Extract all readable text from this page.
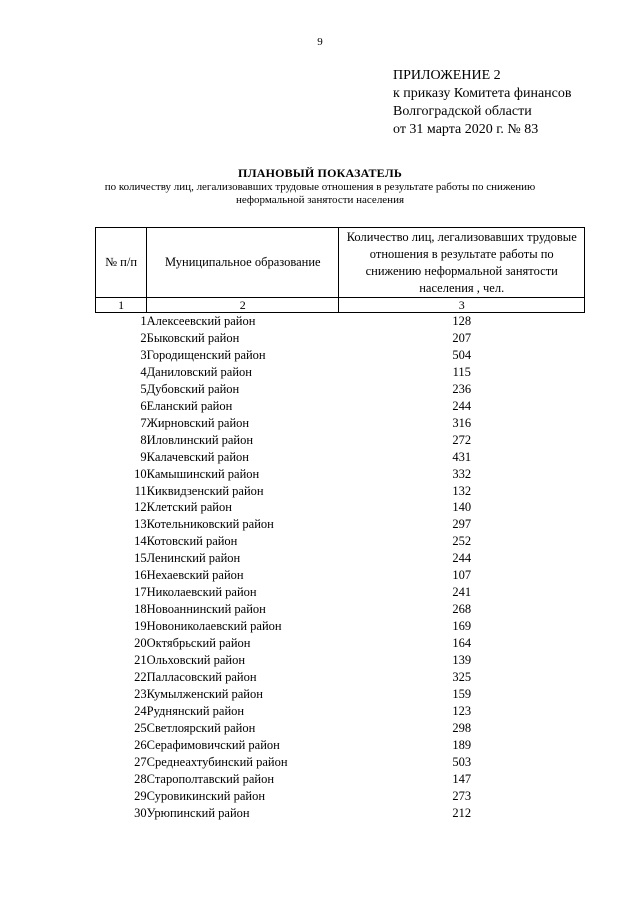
9
ПРИЛОЖЕНИЕ 2
к приказу Комитета финансов
Волгоградской области
от 31 марта 2020 г. № 83
ПЛАНОВЫЙ ПОКАЗАТЕЛЬ
по количеству лиц, легализовавших трудовые отношения в результате работы по снижению неформальной занятости населения
№ п/п	Муниципальное образование	Количество лиц, легализовавших трудовые отношения в результате работы по снижению неформальной занятости населения , чел.
1	2	3
1	Алексеевский район	128
2	Быковский район	207
3	Городищенский район	504
4	Даниловский район	115
5	Дубовский район	236
6	Еланский район	244
7	Жирновский район	316
8	Иловлинский район	272
9	Калачевский район	431
10	Камышинский район	332
11	Киквидзенский район	132
12	Клетский район	140
13	Котельниковский район	297
14	Котовский район	252
15	Ленинский район	244
16	Нехаевский район	107
17	Николаевский район	241
18	Новоаннинский район	268
19	Новониколаевский район	169
20	Октябрьский район	164
21	Ольховский район	139
22	Палласовский район	325
23	Кумылженский район	159
24	Руднянский район	123
25	Светлоярский район	298
26	Серафимовичский район	189
27	Среднеахтубинский район	503
28	Старополтавский район	147
29	Суровикинский район	273
30	Урюпинский район	212
